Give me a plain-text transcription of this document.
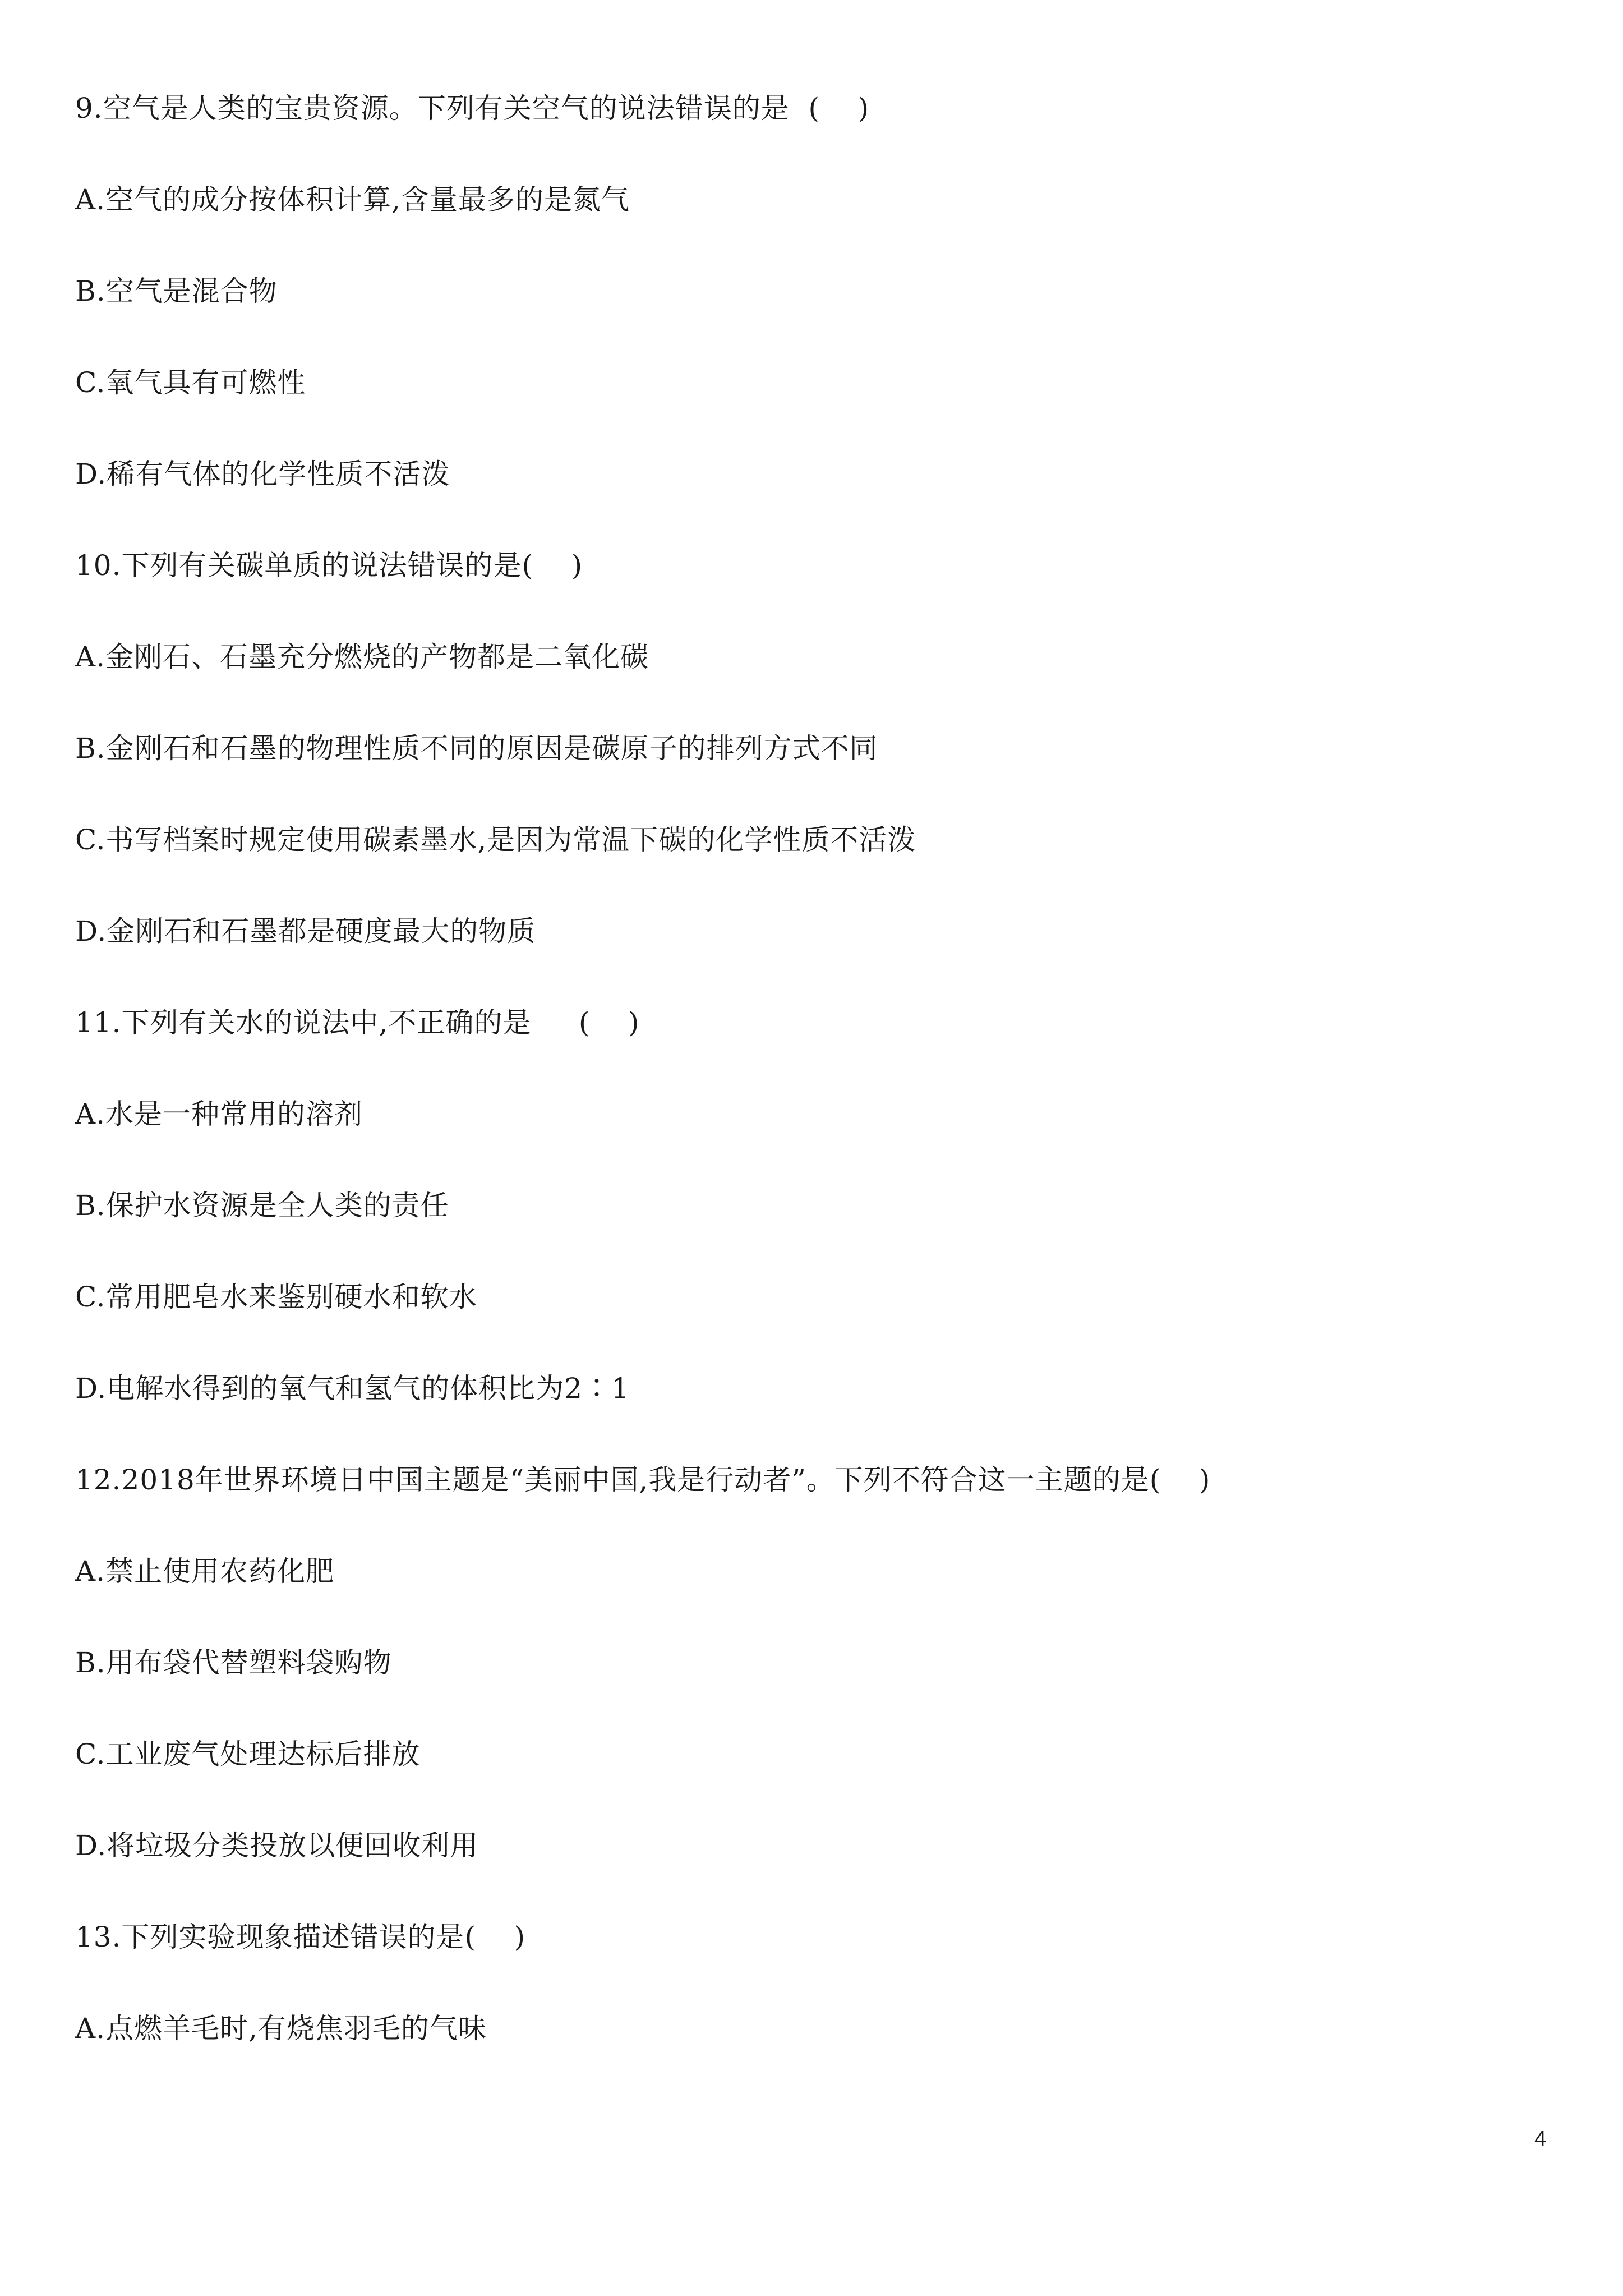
9.空气是人类的宝贵资源。下列有关空气的说法错误的是  (    )
A.空气的成分按体积计算,含量最多的是氮气
B.空气是混合物
C.氧气具有可燃性
D.稀有气体的化学性质不活泼
10.下列有关碳单质的说法错误的是(    )
A.金刚石、石墨充分燃烧的产物都是二氧化碳
B.金刚石和石墨的物理性质不同的原因是碳原子的排列方式不同
C.书写档案时规定使用碳素墨水,是因为常温下碳的化学性质不活泼
D.金刚石和石墨都是硬度最大的物质
11.下列有关水的说法中,不正确的是     (    )
A.水是一种常用的溶剂
B.保护水资源是全人类的责任
C.常用肥皂水来鉴别硬水和软水
D.电解水得到的氧气和氢气的体积比为2∶1
12.2018年世界环境日中国主题是“美丽中国,我是行动者”。下列不符合这一主题的是(    )
A.禁止使用农药化肥
B.用布袋代替塑料袋购物
C.工业废气处理达标后排放
D.将垃圾分类投放以便回收利用
13.下列实验现象描述错误的是(    )
A.点燃羊毛时,有烧焦羽毛的气味
4
